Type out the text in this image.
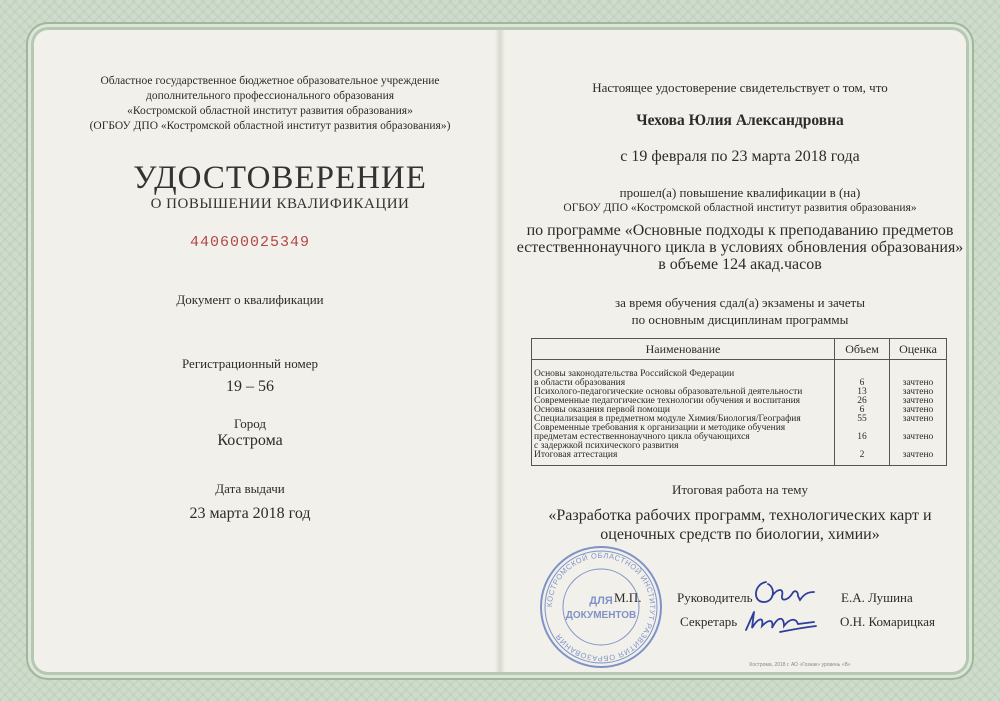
Областное государственное бюджетное образовательное учреждение
дополнительного профессионального образования
«Костромской областной институт развития образования»
(ОГБОУ ДПО «Костромской областной институт развития образования»)
УДОСТОВЕРЕНИЕ
О ПОВЫШЕНИИ КВАЛИФИКАЦИИ
440600025349
Документ о квалификации
Регистрационный номер
19 – 56
Город
Кострома
Дата выдачи
23 марта 2018 год
Настоящее удостоверение свидетельствует о том, что
Чехова Юлия Александровна
с 19 февраля по 23 марта 2018 года
прошел(а) повышение квалификации в (на)
ОГБОУ ДПО «Костромской областной институт развития образования»
по программе «Основные подходы к преподаванию предметов
естественнонаучного цикла в условиях обновления образования»
в объеме 124 акад.часов
за время обучения сдал(а) экзамены и зачеты
по основным дисциплинам программы
Наименование	Объем	Оценка

Основы законодательства Российской Федерации
в области образования	6	зачтено

Психолого-педагогические основы образовательной деятельности	13	зачтено

Современные педагогические технологии обучения и воспитания	26	зачтено

Основы оказания первой помощи	6	зачтено

Специализация в предметном модуле Химия/Биология/География	55	зачтено

Современные требования к организации и методике обучения
предметам естественнонаучного цикла обучающихся
с задержкой психического развития	16	зачтено

Итоговая аттестация	2	зачтено
Итоговая работа на тему
«Разработка рабочих программ, технологических карт и
оценочных средств по биологии, химии»
КОСТРОМСКОЙ ОБЛАСТНОЙ ИНСТИТУТ РАЗВИТИЯ ОБРАЗОВАНИЯ
ДЛЯ
ДОКУМЕНТОВ
М.П.	Руководитель	Е.А. Лушина
Секретарь	О.Н. Комарицкая
Кострома, 2018 г. АО «Гознак» уровень «В»
